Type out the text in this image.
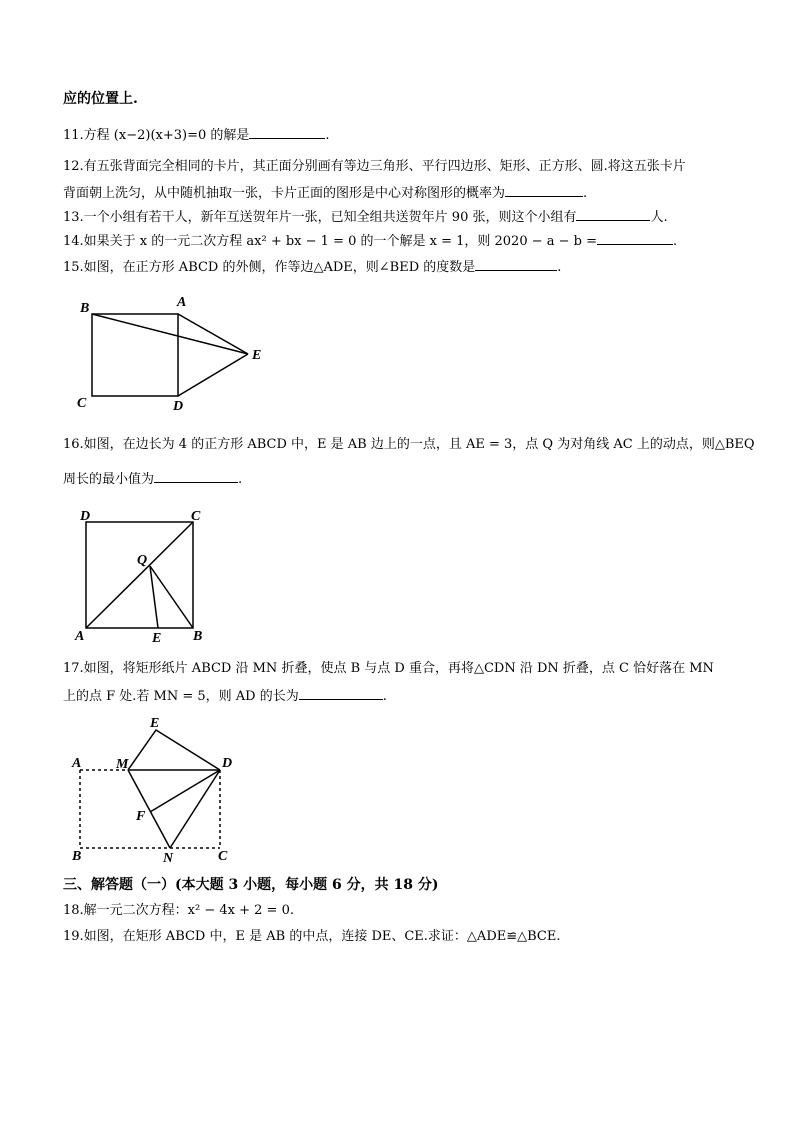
应的位置上.
11.方程 (x−2)(x+3)=0 的解是	.
12.有五张背面完全相同的卡片，其正面分别画有等边三角形、平行四边形、矩形、正方形、圆.将这五张卡片
背面朝上洗匀，从中随机抽取一张，卡片正面的图形是中心对称图形的概率为	.
13.一个小组有若干人，新年互送贺年片一张，已知全组共送贺年片 90 张，则这个小组有	人.
14.如果关于 x 的一元二次方程 ax² + bx − 1 = 0 的一个解是 x = 1，则 2020 − a − b =	.
15.如图，在正方形 ABCD 的外侧，作等边△ADE，则∠BED 的度数是	.
16.如图，在边长为 4 的正方形 ABCD 中，E 是 AB 边上的一点，且 AE = 3，点 Q 为对角线 AC 上的动点，则△BEQ
周长的最小值为	.
17.如图，将矩形纸片 ABCD 沿 MN 折叠，使点 B 与点 D 重合，再将△CDN 沿 DN 折叠，点 C 恰好落在 MN
上的点 F 处.若 MN = 5，则 AD 的长为	.
三、解答题（一）(本大题 3 小题，每小题 6 分，共 18 分)
18.解一元二次方程：x² − 4x + 2 = 0.
19.如图，在矩形 ABCD 中，E 是 AB 的中点，连接 DE、CE.求证：△ADE≌△BCE.
B	A
E
C	D
D	C
Q
A	E B
E
A M	D
F
B	N	C
